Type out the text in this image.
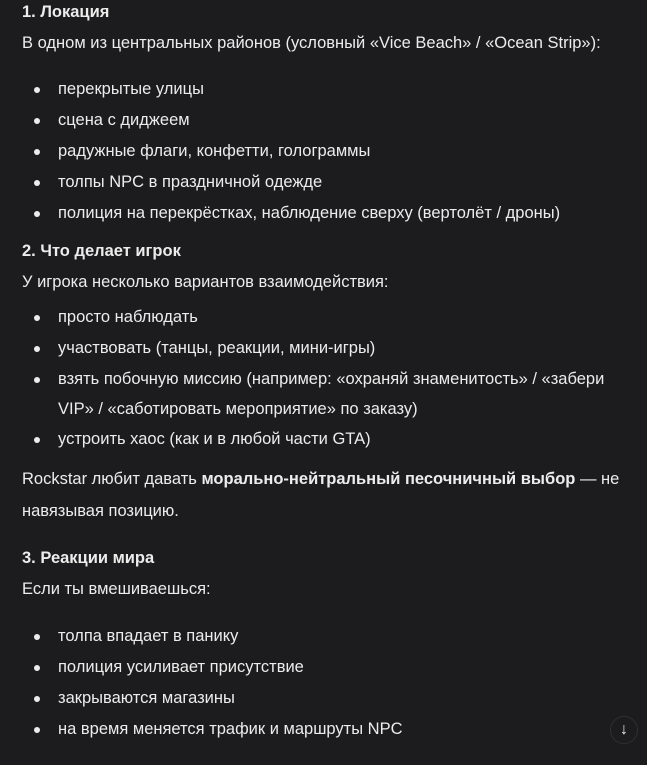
1. Локация

В одном из центральных районов (условный «Vice Beach» / «Ocean Strip»):

перекрытые улицы
сцена с диджеем
радужные флаги, конфетти, голограммы
толпы NPC в праздничной одежде
полиция на перекрёстках, наблюдение сверху (вертолёт / дроны)

2. Что делает игрок

У игрока несколько вариантов взаимодействия:

просто наблюдать
участвовать (танцы, реакции, мини-игры)
взять побочную миссию (например: «охраняй знаменитость» / «забери VIP» / «саботировать мероприятие» по заказу)
устроить хаос (как и в любой части GTA)

Rockstar любит давать морально-нейтральный песочничный выбор — не навязывая позицию.

3. Реакции мира

Если ты вмешиваешься:

толпа впадает в панику
полиция усиливает присутствие
закрываются магазины
на время меняется трафик и маршруты NPC	↓
